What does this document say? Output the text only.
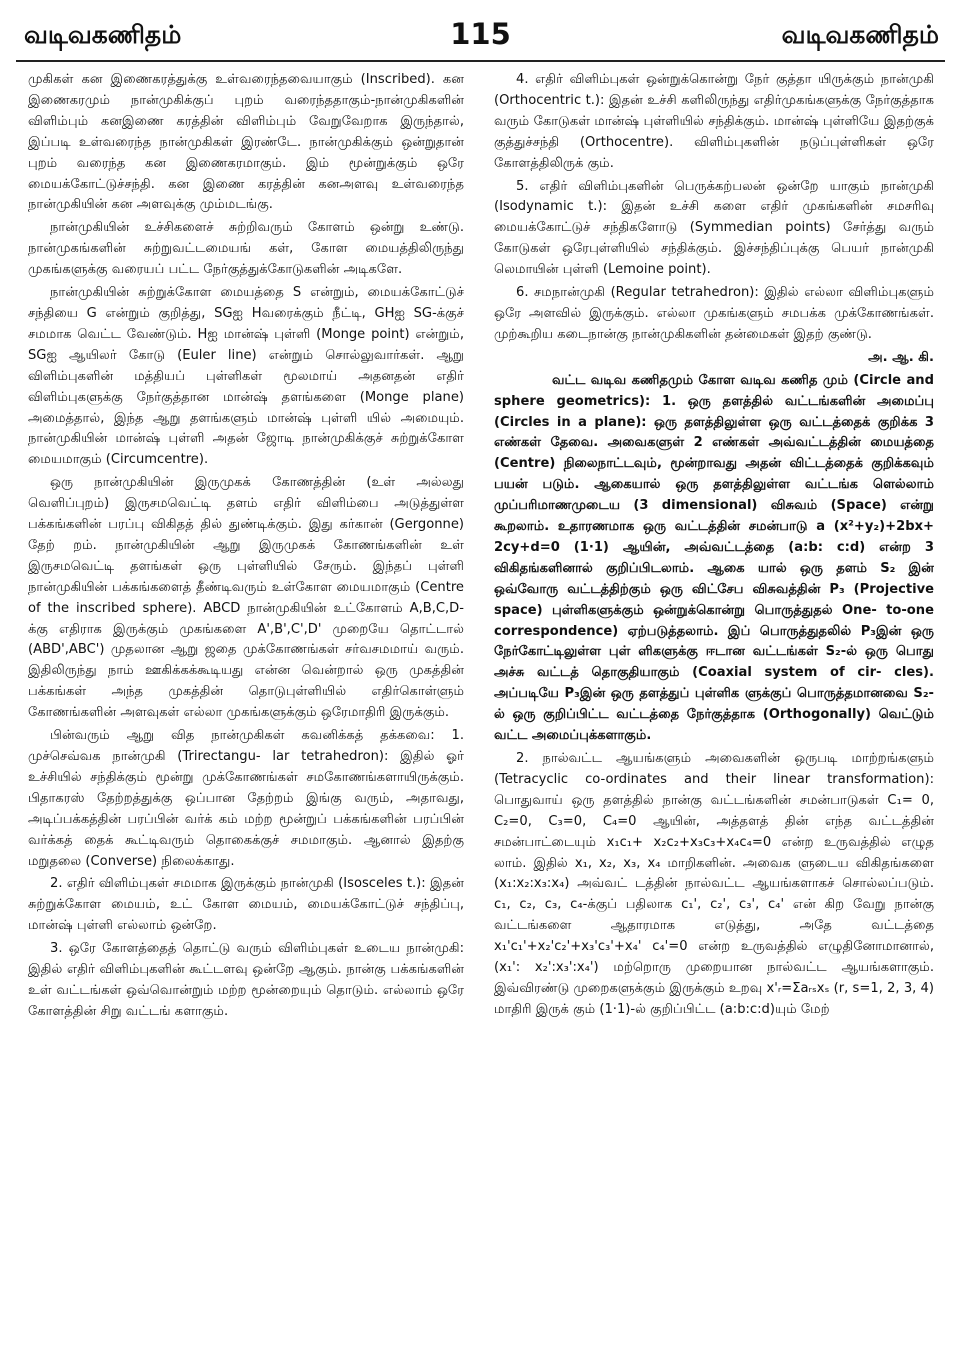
வடிவகணிதம்	115	வடிவகணிதம்

முகிகள் கன இணைகரத்துக்கு உள்வரைந்தவையாகும் (Inscribed). கன இணைகரமும் நான்முகிக்குப் புறம் வரைந்ததாகும்-நான்முகிகளின் விளிம்பும் கனஇணை கரத்தின் விளிம்பும் வேறுவேறாக இருந்தால், இப்படி உள்வரைந்த நான்முகிகள் இரண்டே. நான்முகிக்கும் ஒன்றுதான் புறம் வரைந்த கன இணைகரமாகும். இம் மூன்றுக்கும் ஒரே மையக்கோட்டுச்சந்தி. கன இணை கரத்தின் கனஅளவு உள்வரைந்த நான்முகியின் கன அளவுக்கு மும்மடங்கு.

நான்முகியின் உச்சிகளைச் சுற்றிவரும் கோளம் ஒன்று உண்டு. நான்முகங்களின் சுற்றுவட்டமையங் கள், கோள மையத்திலிருந்து முகங்களுக்கு வரையப் பட்ட நேர்குத்துக்கோடுகளின் அடிகளே.

நான்முகியின் சுற்றுக்கோள மையத்தை S என்றும், மையக்கோட்டுச் சந்தியை G என்றும் குறித்து, SGஐ Hவரைக்கும் நீட்டி, GHஐ SG-க்குச் சமமாக வெட்ட வேண்டும். Hஐ மான்ஷ் புள்ளி (Monge point) என்றும், SGஐ ஆயிலர் கோடு (Euler line) என்றும் சொல்லுவார்கள். ஆறு விளிம்புகளின் மத்தியப் புள்ளிகள் மூலமாய் அதனதன் எதிர் விளிம்புகளுக்கு நேர்குத்தான மான்ஷ் தளங்களை (Monge plane) அமைத்தால், இந்த ஆறு தளங்களும் மான்ஷ் புள்ளி யில் அமையும். நான்முகியின் மான்ஷ் புள்ளி அதன் ஜோடி நான்முகிக்குச் சுற்றுக்கோள மையமாகும் (Circumcentre).

ஒரு நான்முகியின் இருமுகக் கோணத்தின் (உள் அல்லது வெளிப்புறம்) இருசமவெட்டி தளம் எதிர் விளிம்பை அடுத்துள்ள பக்கங்களின் பரப்பு விகிதத் தில் துண்டிக்கும். இது கர்கான் (Gergonne) தேற் றம். நான்முகியின் ஆறு இருமுகக் கோணங்களின் உள் இருசமவெட்டி தளங்கள் ஒரு புள்ளியில் சேரும். இந்தப் புள்ளி நான்முகியின் பக்கங்களைத் தீண்டிவரும் உள்கோள மையமாகும் (Centre of the inscribed sphere). ABCD நான்முகியின் உட்கோளம் A,B,C,D-க்கு எதிராக இருக்கும் முகங்களை A',B',C',D' முறையே தொட்டால் (ABD',ABC') முதலான ஆறு ஜதை முக்கோணங்கள் சர்வசமமாய் வரும். இதிலிருந்து நாம் ஊகிக்கக்கூடியது என்ன வென்றால் ஒரு முகத்தின் பக்கங்கள் அந்த முகத்தின் தொடுபுள்ளியில் எதிர்கொள்ளும் கோணங்களின் அளவுகள் எல்லா முகங்களுக்கும் ஒரேமாதிரி இருக்கும்.

பின்வரும் ஆறு வித நான்முகிகள் கவனிக்கத் தக்கவை: 1. முச்செவ்வக நான்முகி (Trirectangu- lar tetrahedron): இதில் ஓர் உச்சியில் சந்திக்கும் மூன்று முக்கோணங்கள் சமகோணங்களாயிருக்கும். பிதாகரஸ் தேற்றத்துக்கு ஒப்பான தேற்றம் இங்கு வரும், அதாவது, அடிப்பக்கத்தின் பரப்பின் வர்க் கம் மற்ற மூன்றுப் பக்கங்களின் பரப்பின் வர்க்கத் தைக் கூட்டிவரும் தொகைக்குச் சமமாகும். ஆனால் இதற்கு மறுதலை (Converse) நிலைக்காது.

2. எதிர் விளிம்புகள் சமமாக இருக்கும் நான்முகி (Isosceles t.): இதன் சுற்றுக்கோள மையம், உட் கோள மையம், மையக்கோட்டுச் சந்திப்பு, மான்ஷ் புள்ளி எல்லாம் ஒன்றே.

3. ஒரே கோளத்தைத் தொட்டு வரும் விளிம்புகள் உடைய நான்முகி: இதில் எதிர் விளிம்புகளின் கூட்டளவு ஒன்றே ஆகும். நான்கு பக்கங்களின் உள் வட்டங்கள் ஒவ்வொன்றும் மற்ற மூன்றையும் தொடும். எல்லாம் ஒரே கோளத்தின் சிறு வட்டங் களாகும்.

4. எதிர் விளிம்புகள் ஒன்றுக்கொன்று நேர் குத்தா யிருக்கும் நான்முகி (Orthocentric t.): இதன் உச்சி களிலிருந்து எதிர்முகங்களுக்கு நேர்குத்தாக வரும் கோடுகள் மான்ஷ் புள்ளியில் சந்திக்கும். மான்ஷ் புள்ளியே இதற்குக் குத்துச்சந்தி (Orthocentre). விளிம்புகளின் நடுப்புள்ளிகள் ஒரே கோளத்திலிருக் கும்.

5. எதிர் விளிம்புகளின் பெருக்கற்பலன் ஒன்றே யாகும் நான்முகி (Isodynamic t.): இதன் உச்சி களை எதிர் முகங்களின் சமசரிவு மையக்கோட்டுச் சந்திகளோடு (Symmedian points) சேர்த்து வரும் கோடுகள் ஒரேபுள்ளியில் சந்திக்கும். இச்சந்திப்புக்கு பெயர் நான்முகி லெமாயின் புள்ளி (Lemoine point).

6. சமநான்முகி (Regular tetrahedron): இதில் எல்லா விளிம்புகளும் ஒரே அளவில் இருக்கும். எல்லா முகங்களும் சமபக்க முக்கோணங்கள். முற்கூறிய கடைநான்கு நான்முகிகளின் தன்மைகள் இதற் குண்டு.

அ. ஆ. கி.

வட்ட வடிவ கணிதமும் கோள வடிவ கணித மும் (Circle and sphere geometrics): 1. ஒரு தளத்தில் வட்டங்களின் அமைப்பு (Circles in a plane): ஒரு தளத்திலுள்ள ஒரு வட்டத்தைக் குறிக்க 3 எண்கள் தேவை. அவைகளுள் 2 எண்கள் அவ்வட்டத்தின் மையத்தை (Centre) நிலைநாட்டவும், மூன்றாவது அதன் விட்டத்தைக் குறிக்கவும் பயன் படும். ஆகையால் ஒரு தளத்திலுள்ள வட்டங்க ளெல்லாம் முப்பரிமாணமுடைய (3 dimensional) விசுவம் (Space) என்று கூறலாம். உதாரணமாக ஒரு வட்டத்தின் சமன்பாடு a (x²+y₂)+2bx+ 2cy+d=0 (1·1) ஆயின், அவ்வட்டத்தை (a:b: c:d) என்ற 3 விகிதங்களினால் குறிப்பிடலாம். ஆகை யால் ஒரு தளம் S₂ இன் ஒவ்வோரு வட்டத்திற்கும் ஒரு விட்சேப விசுவத்தின் P₃ (Projective space) புள்ளிகளுக்கும் ஒன்றுக்கொன்று பொருத்துதல் One- to-one correspondence) ஏற்படுத்தலாம். இப் பொருத்துதலில் P₃இன் ஒரு நேர்கோட்டிலுள்ள புள் ளிகளுக்கு ஈடான வட்டங்கள் S₂-ல் ஒரு பொது அச்சு வட்டத் தொகுதியாகும் (Coaxial system of cir- cles). அப்படியே P₃இன் ஒரு தளத்துப் புள்ளிக ளுக்குப் பொருத்தமானவை S₂-ல் ஒரு குறிப்பிட்ட வட்டத்தை நேர்குத்தாக (Orthogonally) வெட்டும் வட்ட அமைப்புக்களாகும்.

2. நால்வட்ட ஆயங்களும் அவைகளின் ஒருபடி மாற்றங்களும் (Tetracyclic co-ordinates and their linear transformation): பொதுவாய் ஒரு தளத்தில் நான்கு வட்டங்களின் சமன்பாடுகள் C₁= 0, C₂=0, C₃=0, C₄=0 ஆயின், அத்தளத் தின் எந்த வட்டத்தின் சமன்பாட்டையும் x₁c₁+ x₂c₂+x₃c₃+x₄c₄=0 என்ற உருவத்தில் எழுத லாம். இதில் x₁, x₂, x₃, x₄ மாறிகளின். அவைக ளுடைய விகிதங்களை (x₁:x₂:x₃:x₄) அவ்வட் டத்தின் நால்வட்ட ஆயங்களாகச் சொல்லப்படும். c₁, c₂, c₃, c₄-க்குப் பதிலாக c₁', c₂', c₃', c₄' என் கிற வேறு நான்கு வட்டங்களை ஆதாரமாக எடுத்து, அதே வட்டத்தை x₁'c₁'+x₂'c₂'+x₃'c₃'+x₄' c₄'=0 என்ற உருவத்தில் எழுதினோமானால், (x₁': x₂':x₃':x₄') மற்றொரு முறையான நால்வட்ட ஆயங்களாகும். இவ்விரண்டு முறைகளுக்கும் இருக்கும் உறவு x'ᵣ=Σaᵣₛxₛ (r, s=1, 2, 3, 4) மாதிரி இருக் கும் (1·1)-ல் குறிப்பிட்ட (a:b:c:d)யும் மேற்
